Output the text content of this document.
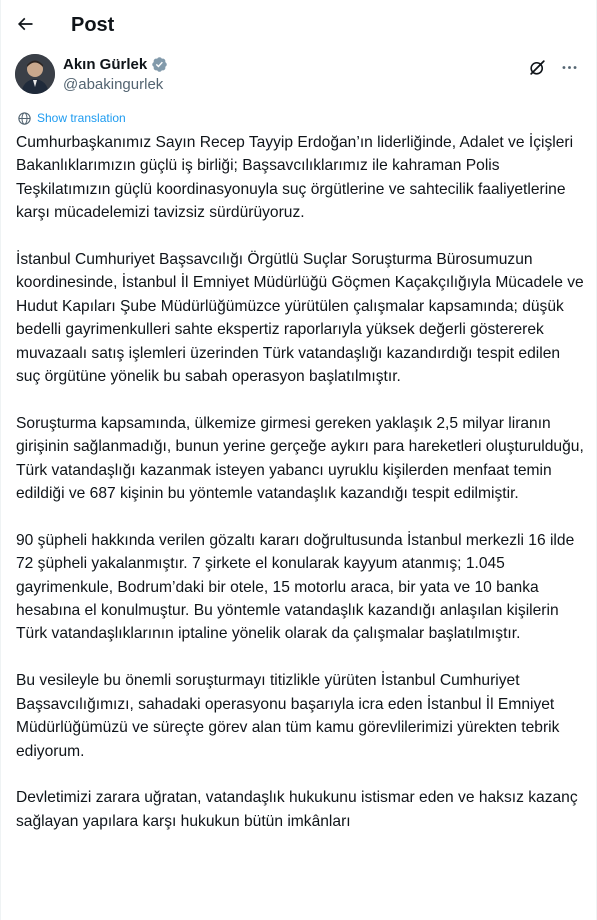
Post
Akın Gürlek
@abakingurlek
Show translation

Cumhurbaşkanımız Sayın Recep Tayyip Erdoğan’ın liderliğinde, Adalet ve İçişleri Bakanlıklarımızın güçlü iş birliği; Başsavcılıklarımız ile kahraman Polis Teşkilatımızın güçlü koordinasyonuyla suç örgütlerine ve sahtecilik faaliyetlerine karşı mücadelemizi tavizsiz sürdürüyoruz.

İstanbul Cumhuriyet Başsavcılığı Örgütlü Suçlar Soruşturma Bürosumuzun koordinesinde, İstanbul İl Emniyet Müdürlüğü Göçmen Kaçakçılığıyla Mücadele ve Hudut Kapıları Şube Müdürlüğümüzce yürütülen çalışmalar kapsamında; düşük bedelli gayrimenkulleri sahte ekspertiz raporlarıyla yüksek değerli göstererek muvazaalı satış işlemleri üzerinden Türk vatandaşlığı kazandırdığı tespit edilen suç örgütüne yönelik bu sabah operasyon başlatılmıştır.

Soruşturma kapsamında, ülkemize girmesi gereken yaklaşık 2,5 milyar liranın girişinin sağlanmadığı, bunun yerine gerçeğe aykırı para hareketleri oluşturulduğu, Türk vatandaşlığı kazanmak isteyen yabancı uyruklu kişilerden menfaat temin edildiği ve 687 kişinin bu yöntemle vatandaşlık kazandığı tespit edilmiştir.

90 şüpheli hakkında verilen gözaltı kararı doğrultusunda İstanbul merkezli 16 ilde 72 şüpheli yakalanmıştır. 7 şirkete el konularak kayyum atanmış; 1.045 gayrimenkule, Bodrum’daki bir otele, 15 motorlu araca, bir yata ve 10 banka hesabına el konulmuştur. Bu yöntemle vatandaşlık kazandığı anlaşılan kişilerin Türk vatandaşlıklarının iptaline yönelik olarak da çalışmalar başlatılmıştır.

Bu vesileyle bu önemli soruşturmayı titizlikle yürüten İstanbul Cumhuriyet Başsavcılığımızı, sahadaki operasyonu başarıyla icra eden İstanbul İl Emniyet Müdürlüğümüzü ve süreçte görev alan tüm kamu görevlilerimizi yürekten tebrik ediyorum.

Devletimizi zarara uğratan, vatandaşlık hukukunu istismar eden ve haksız kazanç sağlayan yapılara karşı hukukun bütün imkânları
